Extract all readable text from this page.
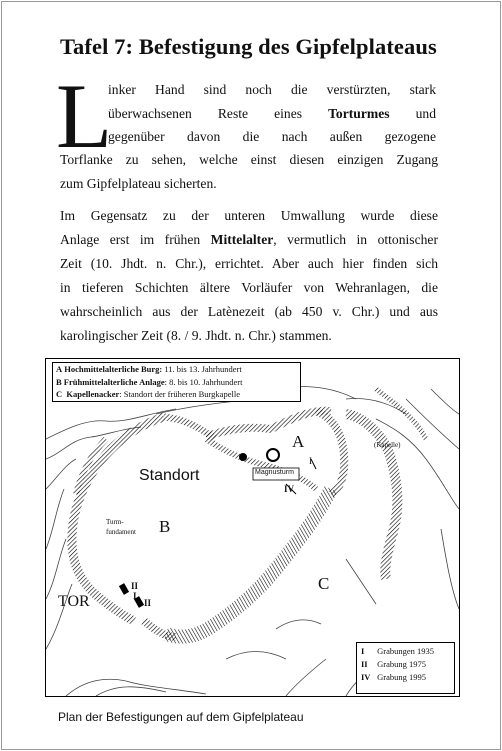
Tafel 7: Befestigung des Gipfelplateaus
L
inker Hand sind noch die verstürzten, stark
überwachsenen Reste eines Torturmes und
gegenüber davon die nach außen gezogene
Torflanke zu sehen, welche einst diesen einzigen Zugang
zum Gipfelplateau sicherten.
Im Gegensatz zu der unteren Umwallung wurde diese
Anlage erst im frühen Mittelalter, vermutlich in ottonischer
Zeit (10. Jhdt. n. Chr.), errichtet. Aber auch hier finden sich
in tieferen Schichten ältere Vorläufer von Wehranlagen, die
wahrscheinlich aus der Latènezeit (ab 450 v. Chr.) und aus
karolingischer Zeit (8. / 9. Jhdt. n. Chr.) stammen.
A Hochmittelalterliche Burg: 11. bis 13. Jahrhundert
B Frühmittelalterliche Anlage: 8. bis 10. Jahrhundert
C Kapellenacker: Standort der früheren Burgkapelle
A
I
IV
Magnusturm
Standort
B
Turm-
fundament
C
(Kapelle)
TOR
II
I
II
I Grabungen 1935
II Grabung 1975
IV Grabung 1995
Plan der Befestigungen auf dem Gipfelplateau
